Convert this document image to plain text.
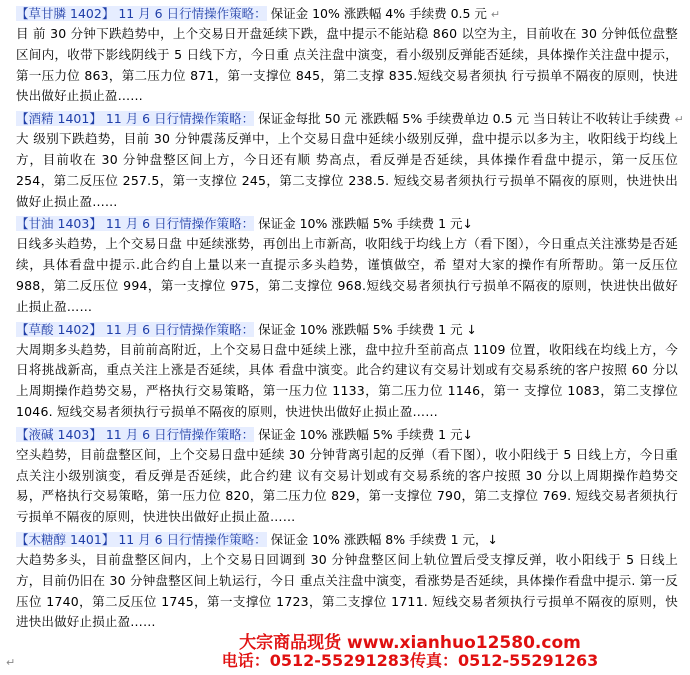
【草甘膦 1402】 11 月 6 日行情操作策略： 保证金 10% 涨跌幅 4% 手续费 0.5 元 ↵
目 前 30 分钟下跌趋势中，上个交易日开盘延续下跌，盘中提示不能站稳 860 以空为主，目前收在 30 分钟低位盘整区间内，收带下影线阴线于 5 日线下方，今日重 点关注盘中演变，看小级别反弹能否延续，具体操作关注盘中提示，第一压力位 863，第二压力位 871，第一支撑位 845，第二支撑 835.短线交易者须执 行亏损单不隔夜的原则，快进快出做好止损止盈……
【酒精 1401】 11 月 6 日行情操作策略： 保证金每批 50 元 涨跌幅 5% 手续费单边 0.5 元 当日转让不收转让手续费 ↵
大 级别下跌趋势，目前 30 分钟震荡反弹中，上个交易日盘中延续小级别反弹，盘中提示以多为主，收阳线于均线上方，目前收在 30 分钟盘整区间上方，今日还有顺 势高点，看反弹是否延续，具体操作看盘中提示，第一反压位 254，第二反压位 257.5，第一支撑位 245，第二支撑位 238.5. 短线交易者须执行亏损单不隔夜的原则，快进快出做好止损止盈……
【甘油 1403】 11 月 6 日行情操作策略： 保证金 10% 涨跌幅 5% 手续费 1 元↓
日线多头趋势，上个交易日盘 中延续涨势，再创出上市新高，收阳线于均线上方（看下图），今日重点关注涨势是否延续，具体看盘中提示.此合约自上量以来一直提示多头趋势，谨慎做空，希 望对大家的操作有所帮助。第一反压位 988，第二反压位 994，第一支撑位 975，第二支撑位 968.短线交易者须执行亏损单不隔夜的原则，快进快出做好 止损止盈……
【草酸 1402】 11 月 6 日行情操作策略： 保证金 10% 涨跌幅 5% 手续费 1 元 ↓
大周期多头趋势，目前前高附近，上个交易日盘中延续上涨，盘中拉升至前高点 1109 位置，收阳线在均线上方，今日将挑战新高，重点关注上涨是否延续，具体 看盘中演变。此合约建议有交易计划或有交易系统的客户按照 60 分以上周期操作趋势交易，严格执行交易策略，第一压力位 1133，第二压力位 1146，第一 支撑位 1083，第二支撑位 1046. 短线交易者须执行亏损单不隔夜的原则，快进快出做好止损止盈……
【液碱 1403】 11 月 6 日行情操作策略： 保证金 10% 涨跌幅 5% 手续费 1 元↓
空头趋势，目前盘整区间，上个交易日盘中延续 30 分钟背离引起的反弹（看下图），收小阳线于 5 日线上方，今日重点关注小级别演变，看反弹是否延续，此合约建 议有交易计划或有交易系统的客户按照 30 分以上周期操作趋势交易，严格执行交易策略，第一压力位 820，第二压力位 829，第一支撑位 790，第二支撑位 769. 短线交易者须执行亏损单不隔夜的原则，快进快出做好止损止盈……
【木糖醇 1401】 11 月 6 日行情操作策略： 保证金 10% 涨跌幅 8% 手续费 1 元，↓
大趋势多头，目前盘整区间内，上个交易日回调到 30 分钟盘整区间上轨位置后受支撑反弹，收小阳线于 5 日线上方，目前仍旧在 30 分钟盘整区间上轨运行，今日 重点关注盘中演变，看涨势是否延续，具体操作看盘中提示. 第一反压位 1740，第二反压位 1745，第一支撑位 1723，第二支撑位 1711. 短线交易者须执行亏损单不隔夜的原则，快进快出做好止损止盈……
大宗商品现货 www.xianhuo12580.com
电话：0512-55291283传真：0512-55291263
↵
